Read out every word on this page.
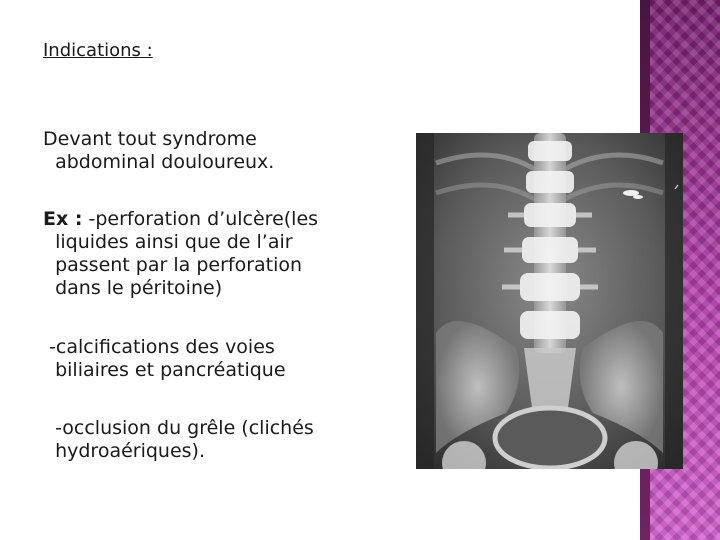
Indications :
Devant tout syndrome
abdominal douloureux.
Ex : -perforation d’ulcère(les
liquides ainsi que de l’air
passent par la perforation
dans le péritoine)
-calcifications des voies
biliaires et pancréatique
-occlusion du grêle (clichés
hydroaériques).
